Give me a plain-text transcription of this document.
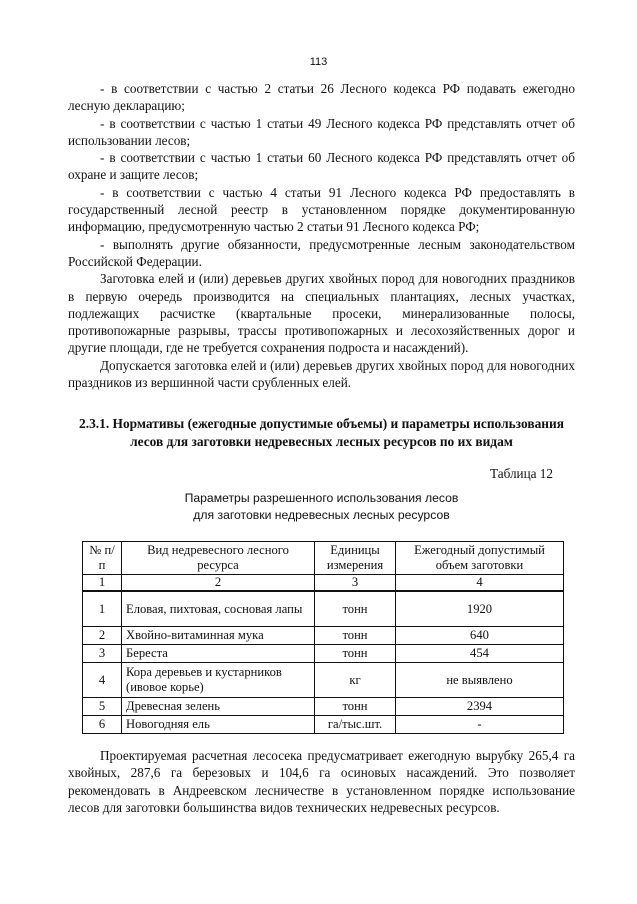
113

- в соответствии с частью 2 статьи 26 Лесного кодекса РФ подавать ежегодно лесную декларацию;

- в соответствии с частью 1 статьи 49 Лесного кодекса РФ представлять отчет об использовании лесов;

- в соответствии с частью 1 статьи 60 Лесного кодекса РФ представлять отчет об охране и защите лесов;

- в соответствии с частью 4 статьи 91 Лесного кодекса РФ предоставлять в государственный лесной реестр в установленном порядке документированную информацию, предусмотренную частью 2 статьи 91 Лесного кодекса РФ;

- выполнять другие обязанности, предусмотренные лесным законодательством Российской Федерации.

Заготовка елей и (или) деревьев других хвойных пород для новогодних праздников в первую очередь производится на специальных плантациях, лесных участках, подлежащих расчистке (квартальные просеки, минерализованные полосы, противопожарные разрывы, трассы противопожарных и лесохозяйственных дорог и другие площади, где не требуется сохранения подроста и насаждений).

Допускается заготовка елей и (или) деревьев других хвойных пород для новогодних праздников из вершинной части срубленных елей.

2.3.1. Нормативы (ежегодные допустимые объемы) и параметры использования лесов для заготовки недревесных лесных ресурсов по их видам
Таблица 12
Параметры разрешенного использования лесов
для заготовки недревесных лесных ресурсов
№ п/п	Вид недревесного лесного ресурса	Единицы измерения	Ежегодный допустимый объем заготовки
1	2	3	4
1	Еловая, пихтовая, сосновая лапы	тонн	1920
2	Хвойно-витаминная мука	тонн	640
3	Береста	тонн	454
4	Кора деревьев и кустарников (ивовое корье)	кг	не выявлено
5	Древесная зелень	тонн	2394
6	Новогодняя ель	га/тыс.шт.	-

Проектируемая расчетная лесосека предусматривает ежегодную вырубку 265,4 га хвойных, 287,6 га березовых и 104,6 га осиновых насаждений. Это позволяет рекомендовать в Андреевском лесничестве в установленном порядке использование лесов для заготовки большинства видов технических недревесных ресурсов.
